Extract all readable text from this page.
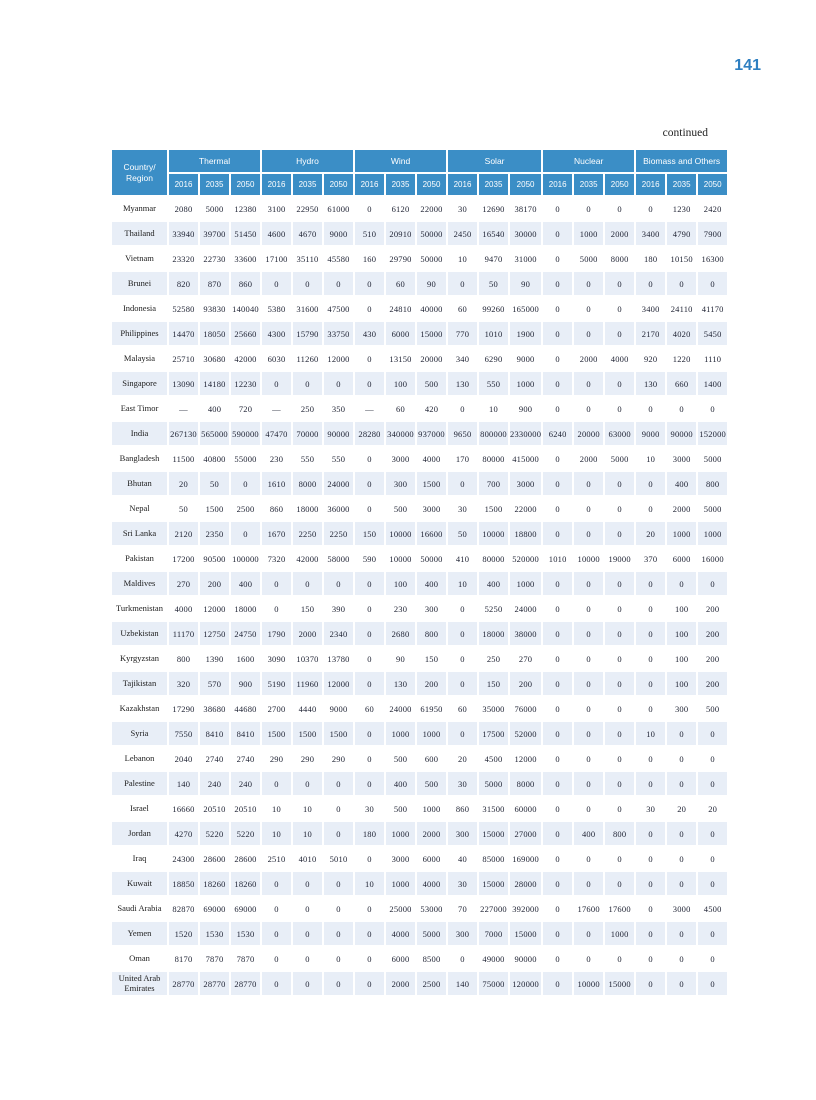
141
continued
Country/ Region	Thermal			Hydro			Wind			Solar			Nuclear			Biomass and Others		
	2016	2035	2050	2016	2035	2050	2016	2035	2050	2016	2035	2050	2016	2035	2050	2016	2035	2050
Myanmar	2080	5000	12380	3100	22950	61000	0	6120	22000	30	12690	38170	0	0	0	0	1230	2420
Thailand	33940	39700	51450	4600	4670	9000	510	20910	50000	2450	16540	30000	0	1000	2000	3400	4790	7900
Vietnam	23320	22730	33600	17100	35110	45580	160	29790	50000	10	9470	31000	0	5000	8000	180	10150	16300
Brunei	820	870	860	0	0	0	0	60	90	0	50	90	0	0	0	0	0	0
Indonesia	52580	93830	140040	5380	31600	47500	0	24810	40000	60	99260	165000	0	0	0	3400	24110	41170
Philippines	14470	18050	25660	4300	15790	33750	430	6000	15000	770	1010	1900	0	0	0	2170	4020	5450
Malaysia	25710	30680	42000	6030	11260	12000	0	13150	20000	340	6290	9000	0	2000	4000	920	1220	1110
Singapore	13090	14180	12230	0	0	0	0	100	500	130	550	1000	0	0	0	130	660	1400
East Timor	—	400	720	—	250	350	—	60	420	0	10	900	0	0	0	0	0	0
India	267130	565000	590000	47470	70000	90000	28280	340000	937000	9650	800000	2330000	6240	20000	63000	9000	90000	152000
Bangladesh	11500	40800	55000	230	550	550	0	3000	4000	170	80000	415000	0	2000	5000	10	3000	5000
Bhutan	20	50	0	1610	8000	24000	0	300	1500	0	700	3000	0	0	0	0	400	800
Nepal	50	1500	2500	860	18000	36000	0	500	3000	30	1500	22000	0	0	0	0	2000	5000
Sri Lanka	2120	2350	0	1670	2250	2250	150	10000	16600	50	10000	18800	0	0	0	20	1000	1000
Pakistan	17200	90500	100000	7320	42000	58000	590	10000	50000	410	80000	520000	1010	10000	19000	370	6000	16000
Maldives	270	200	400	0	0	0	0	100	400	10	400	1000	0	0	0	0	0	0
Turkmenistan	4000	12000	18000	0	150	390	0	230	300	0	5250	24000	0	0	0	0	100	200
Uzbekistan	11170	12750	24750	1790	2000	2340	0	2680	800	0	18000	38000	0	0	0	0	100	200
Kyrgyzstan	800	1390	1600	3090	10370	13780	0	90	150	0	250	270	0	0	0	0	100	200
Tajikistan	320	570	900	5190	11960	12000	0	130	200	0	150	200	0	0	0	0	100	200
Kazakhstan	17290	38680	44680	2700	4440	9000	60	24000	61950	60	35000	76000	0	0	0	0	300	500
Syria	7550	8410	8410	1500	1500	1500	0	1000	1000	0	17500	52000	0	0	0	10	0	0
Lebanon	2040	2740	2740	290	290	290	0	500	600	20	4500	12000	0	0	0	0	0	0
Palestine	140	240	240	0	0	0	0	400	500	30	5000	8000	0	0	0	0	0	0
Israel	16660	20510	20510	10	10	0	30	500	1000	860	31500	60000	0	0	0	30	20	20
Jordan	4270	5220	5220	10	10	0	180	1000	2000	300	15000	27000	0	400	800	0	0	0
Iraq	24300	28600	28600	2510	4010	5010	0	3000	6000	40	85000	169000	0	0	0	0	0	0
Kuwait	18850	18260	18260	0	0	0	10	1000	4000	30	15000	28000	0	0	0	0	0	0
Saudi Arabia	82870	69000	69000	0	0	0	0	25000	53000	70	227000	392000	0	17600	17600	0	3000	4500
Yemen	1520	1530	1530	0	0	0	0	4000	5000	300	7000	15000	0	0	1000	0	0	0
Oman	8170	7870	7870	0	0	0	0	6000	8500	0	49000	90000	0	0	0	0	0	0
United Arab Emirates	28770	28770	28770	0	0	0	0	2000	2500	140	75000	120000	0	10000	15000	0	0	0
